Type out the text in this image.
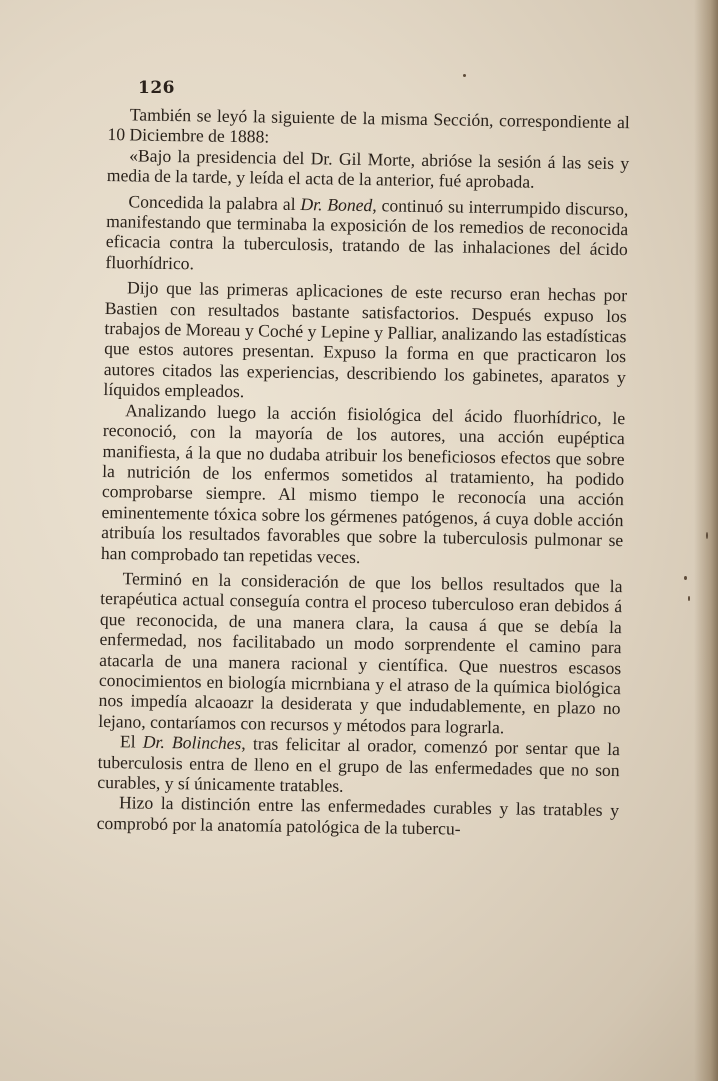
126

También se leyó la siguiente de la misma Sección, correspondiente al 10 Diciembre de 1888:

«Bajo la presidencia del Dr. Gil Morte, abrióse la sesión á las seis y media de la tarde, y leída el acta de la anterior, fué aprobada.

Concedida la palabra al Dr. Boned, continuó su interrumpido discurso, manifestando que terminaba la exposición de los remedios de reconocida eficacia contra la tuberculosis, tratando de las inhalaciones del ácido fluorhídrico.

Dijo que las primeras aplicaciones de este recurso eran hechas por Bastien con resultados bastante satisfactorios. Después expuso los trabajos de Moreau y Coché y Lepine y Palliar, analizando las estadísticas que estos autores presentan. Expuso la forma en que practicaron los autores citados las experiencias, describiendo los gabinetes, aparatos y líquidos empleados.

Analizando luego la acción fisiológica del ácido fluorhídrico, le reconoció, con la mayoría de los autores, una acción eupéptica manifiesta, á la que no dudaba atribuir los beneficiosos efectos que sobre la nutrición de los enfermos sometidos al tratamiento, ha podido comprobarse siempre. Al mismo tiempo le reconocía una acción eminentemente tóxica sobre los gérmenes patógenos, á cuya doble acción atribuía los resultados favorables que sobre la tuberculosis pulmonar se han comprobado tan repetidas veces.

Terminó en la consideración de que los bellos resultados que la terapéutica actual conseguía contra el proceso tuberculoso eran debidos á que reconocida, de una manera clara, la causa á que se debía la enfermedad, nos facilitabado un modo sorprendente el camino para atacarla de una manera racional y científica. Que nuestros escasos conocimientos en biología micrnbiana y el atraso de la química biológica nos impedía alcaoazr la desiderata y que indudablemente, en plazo no lejano, contaríamos con recursos y métodos para lograrla.

El Dr. Bolinches, tras felicitar al orador, comenzó por sentar que la tuberculosis entra de lleno en el grupo de las enfermedades que no son curables, y sí únicamente tratables.

Hizo la distinción entre las enfermedades curables y las tratables y comprobó por la anatomía patológica de la tubercu-
